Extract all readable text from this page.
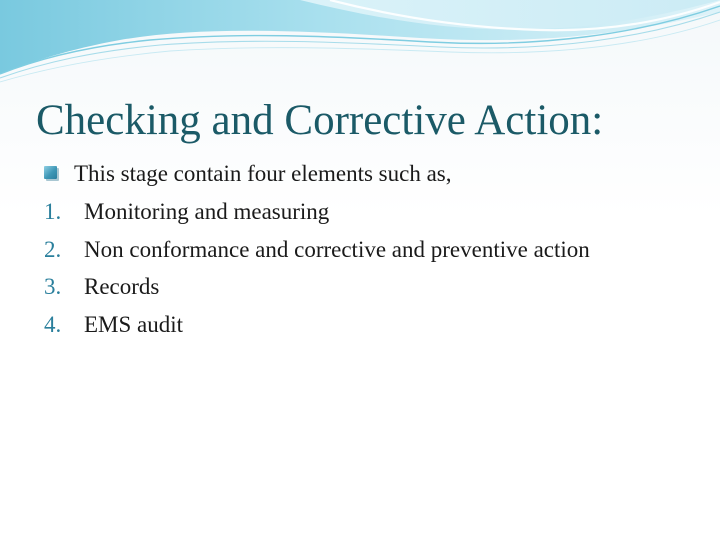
Checking and Corrective Action:
This stage contain four elements such as,
1. Monitoring and measuring
2. Non conformance and corrective and preventive action
3. Records
4. EMS audit
